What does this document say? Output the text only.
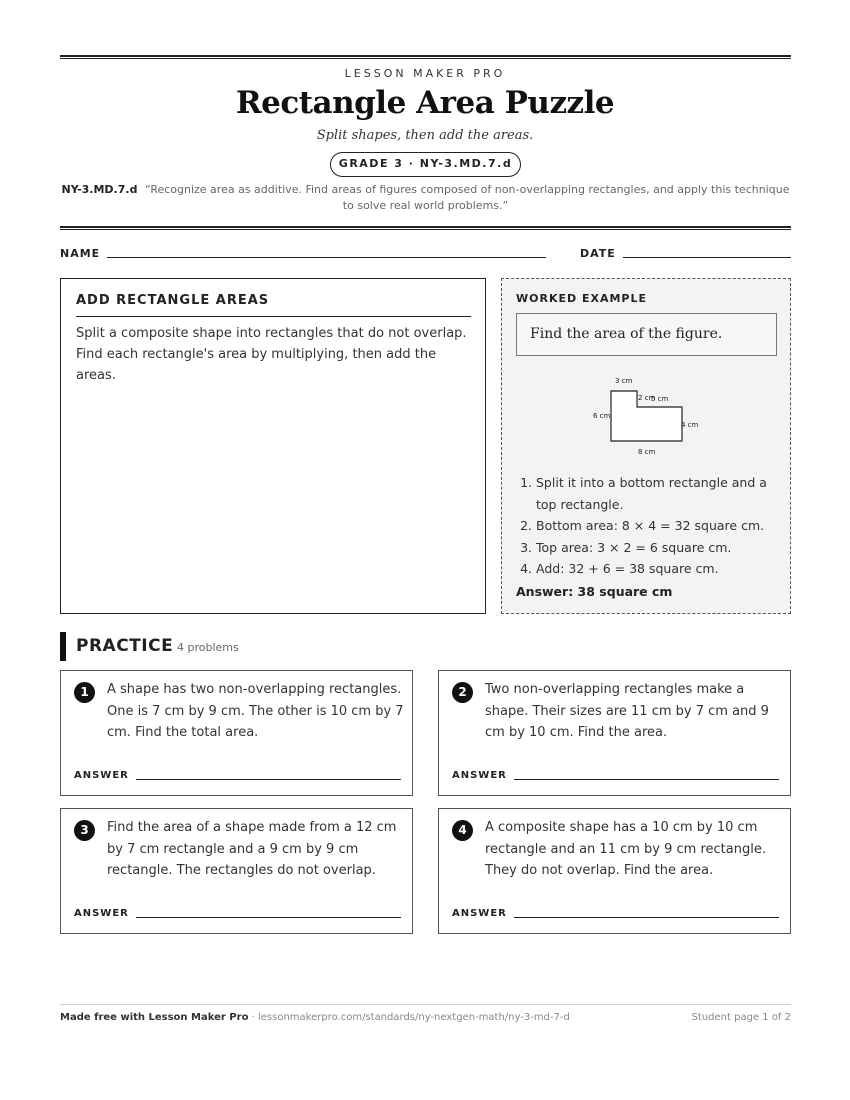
LESSON MAKER PRO
Rectangle Area Puzzle
Split shapes, then add the areas.
GRADE 3 · NY-3.MD.7.d
NY-3.MD.7.d “Recognize area as additive. Find areas of figures composed of non-overlapping rectangles, and apply this technique to solve real world problems.”
NAME	DATE
ADD RECTANGLE AREAS
Split a composite shape into rectangles that do not overlap. Find each rectangle's area by multiplying, then add the areas.
WORKED EXAMPLE
Find the area of the figure.
3 cm
2 cm
5 cm
6 cm
4 cm
8 cm
1. Split it into a bottom rectangle and a top rectangle.
2. Bottom area: 8 × 4 = 32 square cm.
3. Top area: 3 × 2 = 6 square cm.
4. Add: 32 + 6 = 38 square cm.
Answer: 38 square cm
PRACTICE 4 problems
1	A shape has two non-overlapping rectangles. One is 7 cm by 9 cm. The other is 10 cm by 7 cm. Find the total area.
ANSWER
2	Two non-overlapping rectangles make a shape. Their sizes are 11 cm by 7 cm and 9 cm by 10 cm. Find the area.
ANSWER
3	Find the area of a shape made from a 12 cm by 7 cm rectangle and a 9 cm by 9 cm rectangle. The rectangles do not overlap.
ANSWER
4	A composite shape has a 10 cm by 10 cm rectangle and an 11 cm by 9 cm rectangle. They do not overlap. Find the area.
ANSWER
Made free with Lesson Maker Pro · lessonmakerpro.com/standards/ny-nextgen-math/ny-3-md-7-d	Student page 1 of 2
